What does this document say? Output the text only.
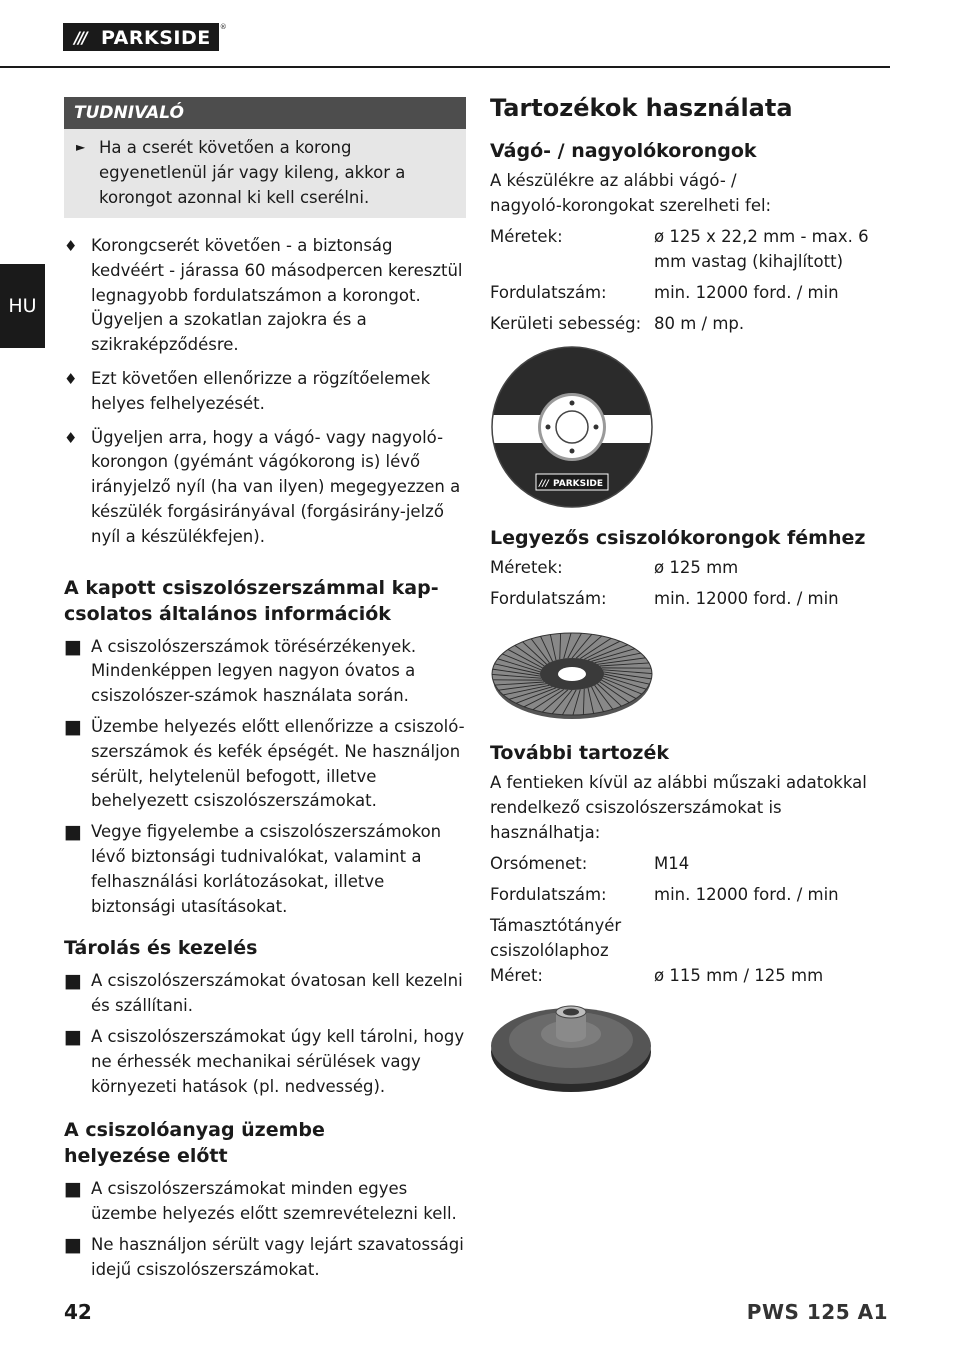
/// PARKSIDE	®
HU
TUDNIVALÓ
► Ha a cserét követően a korong egyenetlenül jár vagy kileng, akkor a korongot azonnal ki kell cserélni.
♦ Korongcserét követően - a biztonság kedvéért - járassa 60 másodpercen keresztül legnagyobb fordulatszámon a korongot. Ügyeljen a szokatlan zajokra és a szikraképződésre.
♦ Ezt követően ellenőrizze a rögzítőelemek helyes felhelyezését.
♦ Ügyeljen arra, hogy a vágó- vagy nagyoló-korongon (gyémánt vágókorong is) lévő irányjelző nyíl (ha van ilyen) megegyezzen a készülék forgásirányával (forgásirány-jelző nyíl a készülékfejen).
A kapott csiszolószerszámmal kap-csolatos általános információk
■ A csiszolószerszámok törésérzékenyek. Mindenképpen legyen nagyon óvatos a csiszolószer-számok használata során.
■ Üzembe helyezés előtt ellenőrizze a csiszoló-szerszámok és kefék épségét. Ne használjon sérült, helytelenül befogott, illetve behelyezett csiszolószerszámokat.
■ Vegye figyelembe a csiszolószerszámokon lévő biztonsági tudnivalókat, valamint a felhasználási korlátozásokat, illetve biztonsági utasításokat.
Tárolás és kezelés
■ A csiszolószerszámokat óvatosan kell kezelni és szállítani.
■ A csiszolószerszámokat úgy kell tárolni, hogy ne érhessék mechanikai sérülések vagy környezeti hatások (pl. nedvesség).
A csiszolóanyag üzembe helyezése előtt
■ A csiszolószerszámokat minden egyes üzembe helyezés előtt szemrevételezni kell.
■ Ne használjon sérült vagy lejárt szavatossági idejű csiszolószerszámokat.
Tartozékok használata
Vágó- / nagyolókorongok
A készülékre az alábbi vágó- / nagyoló-korongokat szerelheti fel:
Méretek:	ø 125 x 22,2 mm - max. 6 mm vastag (kihajlított)
Fordulatszám:	min. 12000 ford. / min
Kerületi sebesség: 80 m / mp.
PARKSIDE
///
Legyezős csiszolókorongok fémhez
Méretek:	ø 125 mm
Fordulatszám:	min. 12000 ford. / min
További tartozék
A fentieken kívül az alábbi műszaki adatokkal rendelkező csiszolószerszámokat is használhatja:
Orsómenet:	M14
Fordulatszám:	min. 12000 ford. / min
Támasztótányér csiszolólaphoz
Méret:	ø 115 mm / 125 mm
42	PWS 125 A1
